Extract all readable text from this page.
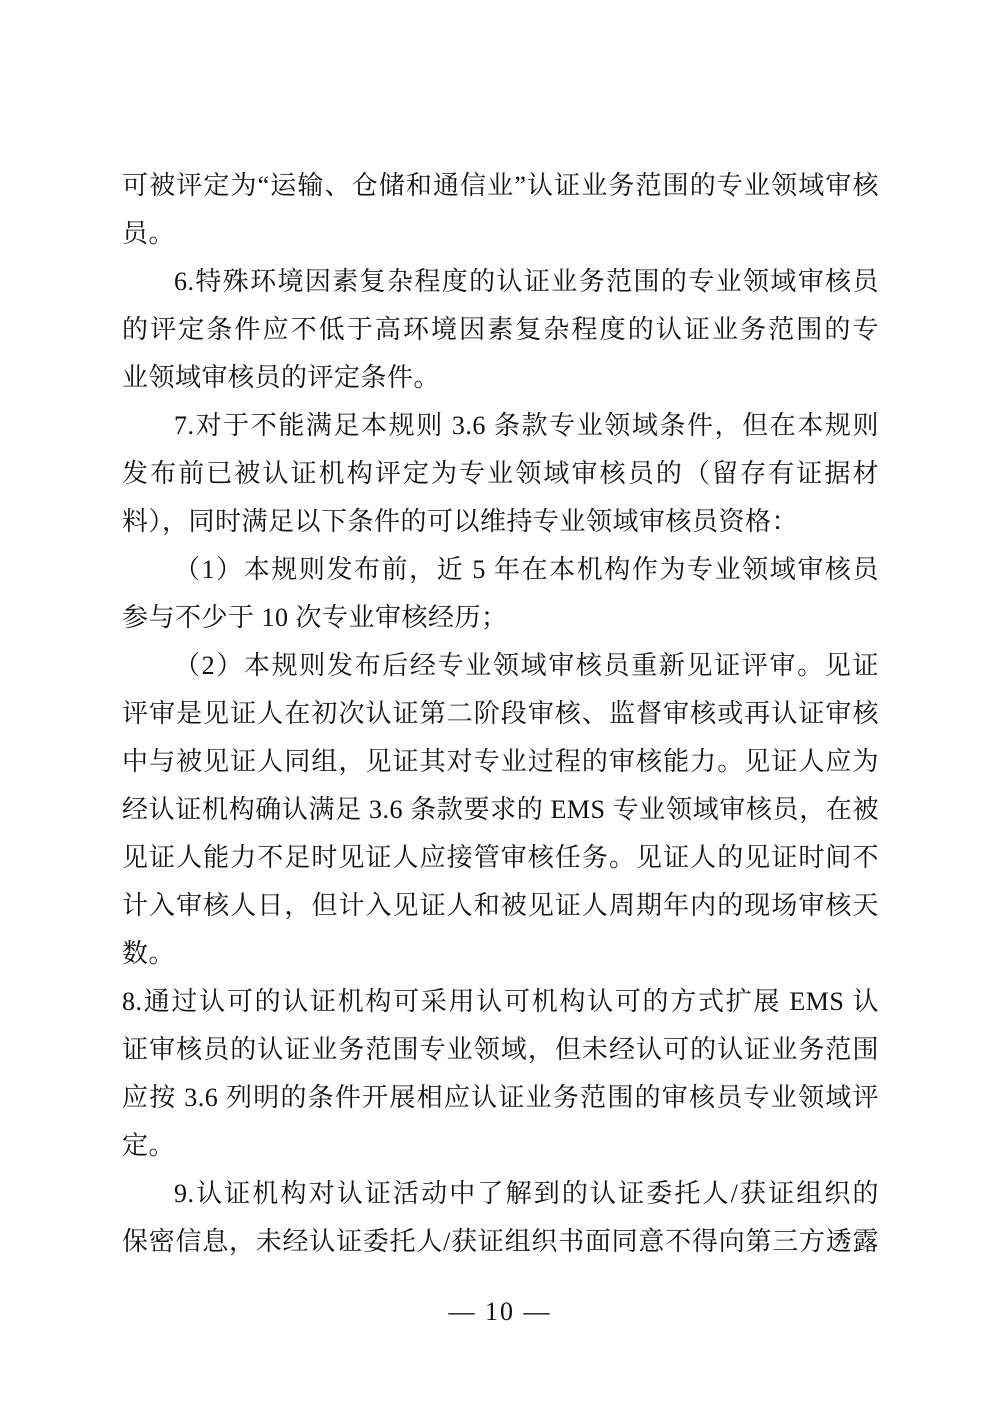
可被评定为“运输、仓储和通信业”认证业务范围的专业领域审核
员。
6.特殊环境因素复杂程度的认证业务范围的专业领域审核员
的评定条件应不低于高环境因素复杂程度的认证业务范围的专
业领域审核员的评定条件。
7.对于不能满足本规则 3.6 条款专业领域条件，但在本规则
发布前已被认证机构评定为专业领域审核员的（留存有证据材
料），同时满足以下条件的可以维持专业领域审核员资格：
（1）本规则发布前，近 5 年在本机构作为专业领域审核员
参与不少于 10 次专业审核经历；
（2）本规则发布后经专业领域审核员重新见证评审。见证
评审是见证人在初次认证第二阶段审核、监督审核或再认证审核
中与被见证人同组，见证其对专业过程的审核能力。见证人应为
经认证机构确认满足 3.6 条款要求的 EMS 专业领域审核员，在被
见证人能力不足时见证人应接管审核任务。见证人的见证时间不
计入审核人日，但计入见证人和被见证人周期年内的现场审核天
数。
8.通过认可的认证机构可采用认可机构认可的方式扩展 EMS 认
证审核员的认证业务范围专业领域，但未经认可的认证业务范围
应按 3.6 列明的条件开展相应认证业务范围的审核员专业领域评
定。
9.认证机构对认证活动中了解到的认证委托人/获证组织的
保密信息，未经认证委托人/获证组织书面同意不得向第三方透露
— 10 —
